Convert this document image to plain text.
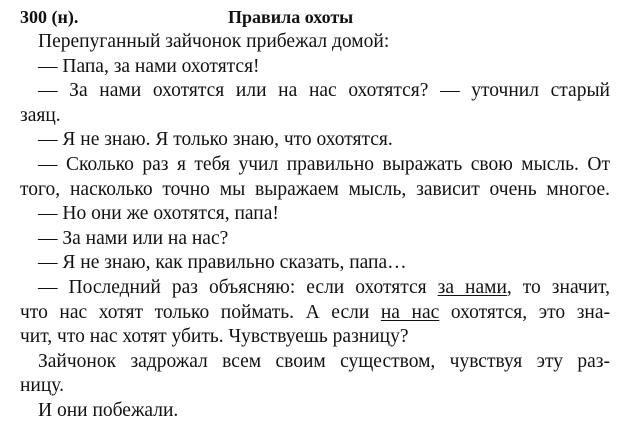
300 (н).	Правила охоты
Перепуганный зайчонок прибежал домой:
— Папа, за нами охотятся!
— За нами охотятся или на нас охотятся? — уточнил старый
заяц.
— Я не знаю. Я только знаю, что охотятся.
— Сколько раз я тебя учил правильно выражать свою мысль. От
того, насколько точно мы выражаем мысль, зависит очень многое.
— Но они же охотятся, папа!
— За нами или на нас?
— Я не знаю, как правильно сказать, папа…
— Последний раз объясняю: если охотятся за нами, то значит,
что нас хотят только поймать. А если на нас охотятся, это зна-
чит, что нас хотят убить. Чувствуешь разницу?
Зайчонок задрожал всем своим существом, чувствуя эту раз-
ницу.
И они побежали.
